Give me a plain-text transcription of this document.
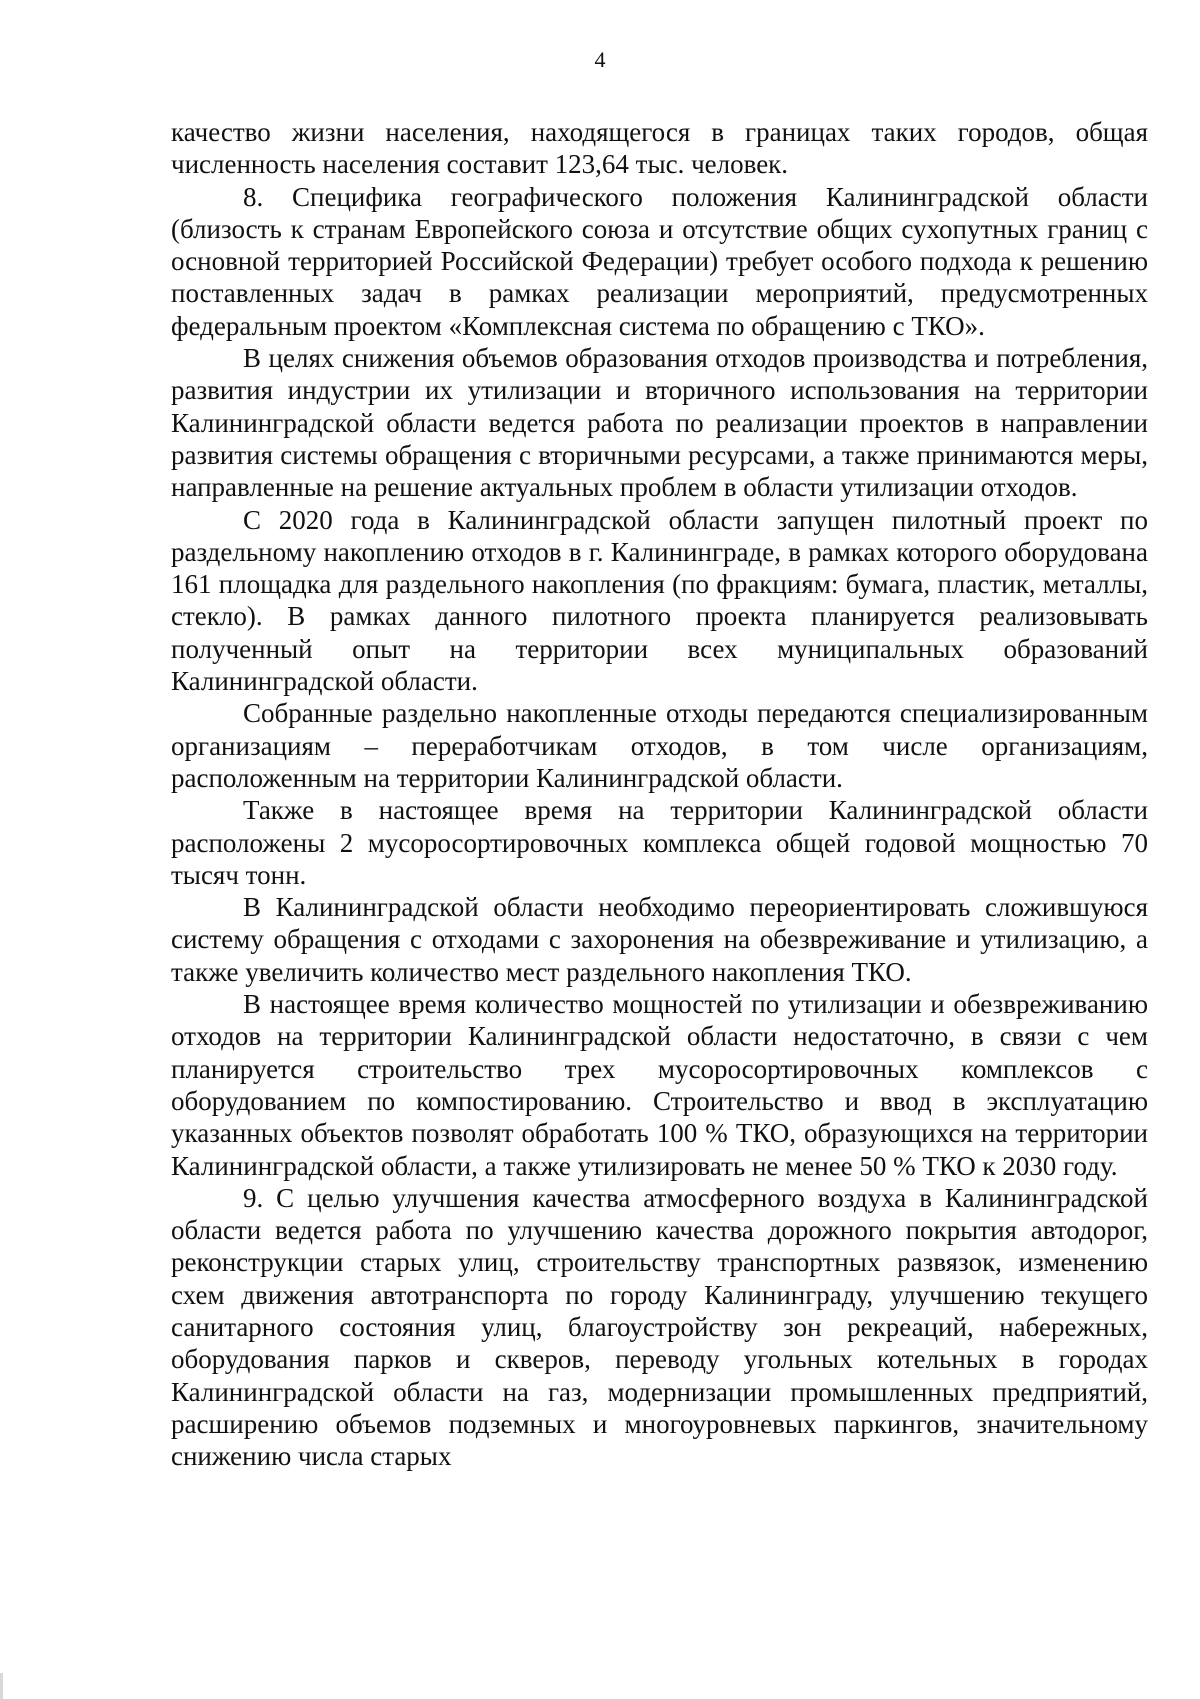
4

качество жизни населения, находящегося в границах таких городов, общая численность населения составит 123,64 тыс. человек.

8. Специфика географического положения Калининградской области (близость к странам Европейского союза и отсутствие общих сухопутных границ с основной территорией Российской Федерации) требует особого подхода к решению поставленных задач в рамках реализации мероприятий, предусмотренных федеральным проектом «Комплексная система по обращению с ТКО».

В целях снижения объемов образования отходов производства и потребления, развития индустрии их утилизации и вторичного использования на территории Калининградской области ведется работа по реализации проектов в направлении развития системы обращения с вторичными ресурсами, а также принимаются меры, направленные на решение актуальных проблем в области утилизации отходов.

С 2020 года в Калининградской области запущен пилотный проект по раздельному накоплению отходов в г. Калининграде, в рамках которого оборудована 161 площадка для раздельного накопления (по фракциям: бумага, пластик, металлы, стекло). В рамках данного пилотного проекта планируется реализовывать полученный опыт на территории всех муниципальных образований Калининградской области.

Собранные раздельно накопленные отходы передаются специализированным организациям – переработчикам отходов, в том числе организациям, расположенным на территории Калининградской области.

Также в настоящее время на территории Калининградской области расположены 2 мусоросортировочных комплекса общей годовой мощностью 70 тысяч тонн.

В Калининградской области необходимо переориентировать сложившуюся систему обращения с отходами с захоронения на обезвреживание и утилизацию, а также увеличить количество мест раздельного накопления ТКО.

В настоящее время количество мощностей по утилизации и обезвреживанию отходов на территории Калининградской области недостаточно, в связи с чем планируется строительство трех мусоросортировочных комплексов с оборудованием по компостированию. Строительство и ввод в эксплуатацию указанных объектов позволят обработать 100 % ТКО, образующихся на территории Калининградской области, а также утилизировать не менее 50 % ТКО к 2030 году.

9. С целью улучшения качества атмосферного воздуха в Калининградской области ведется работа по улучшению качества дорожного покрытия автодорог, реконструкции старых улиц, строительству транспортных развязок, изменению схем движения автотранспорта по городу Калининграду, улучшению текущего санитарного состояния улиц, благоустройству зон рекреаций, набережных, оборудования парков и скверов, переводу угольных котельных в городах Калининградской области на газ, модернизации промышленных предприятий, расширению объемов подземных и многоуровневых паркингов, значительному снижению числа старых
